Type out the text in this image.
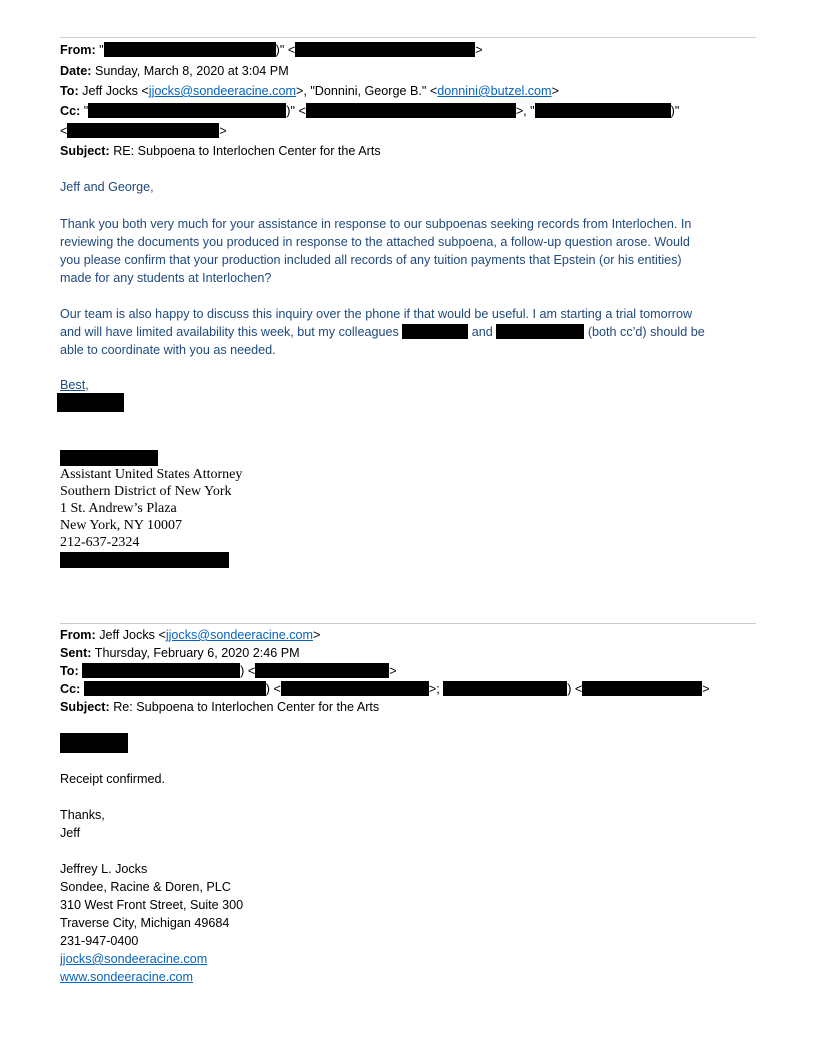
From: "	)" <	>
Date: Sunday, March 8, 2020 at 3:04 PM
To: Jeff Jocks <jjocks@sondeeracine.com>, "Donnini, George B." <donnini@butzel.com>
Cc: "	)" <	>, "	)"
<	>
Subject: RE: Subpoena to Interlochen Center for the Arts
Jeff and George,
Thank you both very much for your assistance in response to our subpoenas seeking records from Interlochen. In
reviewing the documents you produced in response to the attached subpoena, a follow-up question arose. Would
you please confirm that your production included all records of any tuition payments that Epstein (or his entities)
made for any students at Interlochen?
Our team is also happy to discuss this inquiry over the phone if that would be useful. I am starting a trial tomorrow
and will have limited availability this week, but my colleagues	and	(both cc’d) should be
able to coordinate with you as needed.
Best,
Assistant United States Attorney
Southern District of New York
1 St. Andrew’s Plaza
New York, NY 10007
212-637-2324
From: Jeff Jocks <jjocks@sondeeracine.com>
Sent: Thursday, February 6, 2020 2:46 PM
To:	) <	>
Cc:	) <	>;	) <	>
Subject: Re: Subpoena to Interlochen Center for the Arts
Receipt confirmed.
Thanks,
Jeff
Jeffrey L. Jocks
Sondee, Racine & Doren, PLC
310 West Front Street, Suite 300
Traverse City, Michigan 49684
231-947-0400
jjocks@sondeeracine.com
www.sondeeracine.com
